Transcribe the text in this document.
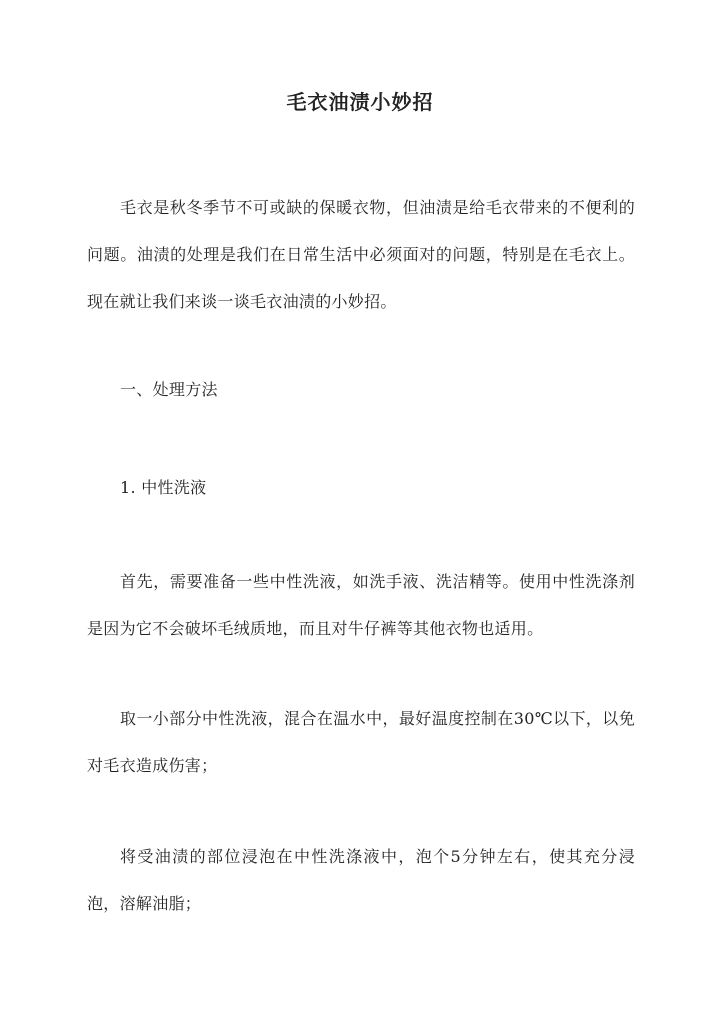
毛衣油渍小妙招
毛衣是秋冬季节不可或缺的保暖衣物，但油渍是给毛衣带来的不便利的问题。油渍的处理是我们在日常生活中必须面对的问题，特别是在毛衣上。现在就让我们来谈一谈毛衣油渍的小妙招。
一、处理方法
1. 中性洗液
首先，需要准备一些中性洗液，如洗手液、洗洁精等。使用中性洗涤剂是因为它不会破坏毛绒质地，而且对牛仔裤等其他衣物也适用。
取一小部分中性洗液，混合在温水中，最好温度控制在30℃以下，以免对毛衣造成伤害；
将受油渍的部位浸泡在中性洗涤液中，泡个5分钟左右，使其充分浸泡，溶解油脂；
